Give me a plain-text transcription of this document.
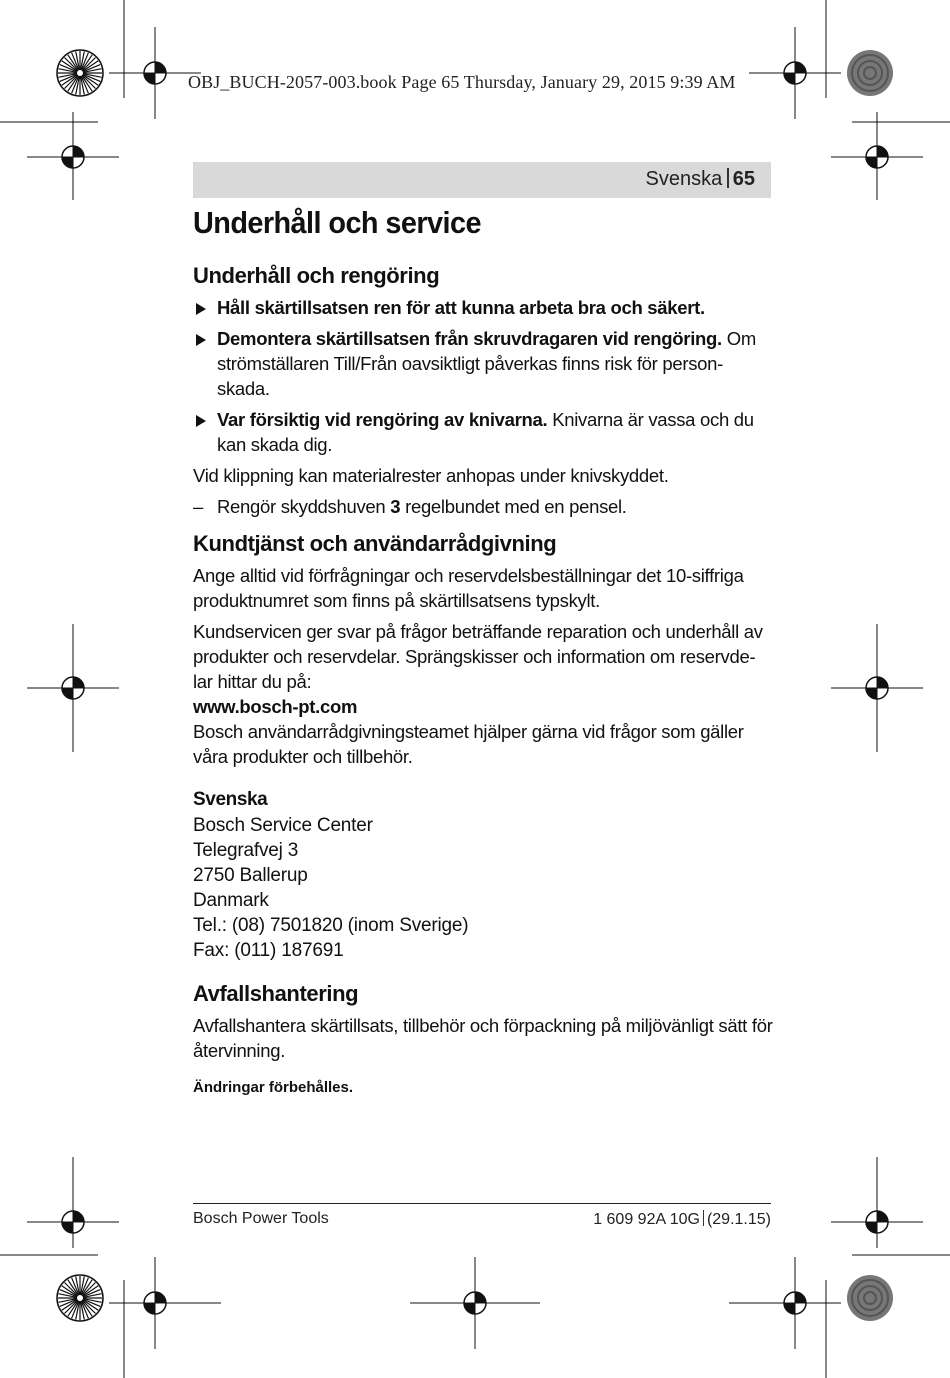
OBJ_BUCH-2057-003.book Page 65 Thursday, January 29, 2015 9:39 AM
Svenska 65
Underhåll och service
Underhåll och rengöring
Håll skärtillsatsen ren för att kunna arbeta bra och säkert.
Demontera skärtillsatsen från skruvdragaren vid rengöring. Om strömställaren Till/Från oavsiktligt påverkas finns risk för person-skada.
Var försiktig vid rengöring av knivarna. Knivarna är vassa och du kan skada dig.
Vid klippning kan materialrester anhopas under knivskyddet.
– Rengör skyddshuven 3 regelbundet med en pensel.
Kundtjänst och användarrådgivning
Ange alltid vid förfrågningar och reservdelsbeställningar det 10-siffriga produktnumret som finns på skärtillsatsens typskylt.
Kundservicen ger svar på frågor beträffande reparation och underhåll av produkter och reservdelar. Sprängskisser och information om reservde-lar hittar du på:
www.bosch-pt.com
Bosch användarrådgivningsteamet hjälper gärna vid frågor som gäller våra produkter och tillbehör.
Svenska
Bosch Service Center
Telegrafvej 3
2750 Ballerup
Danmark
Tel.: (08) 7501820 (inom Sverige)
Fax: (011) 187691
Avfallshantering
Avfallshantera skärtillsats, tillbehör och förpackning på miljövänligt sätt för återvinning.
Ändringar förbehålles.
Bosch Power Tools	1 609 92A 10G (29.1.15)
